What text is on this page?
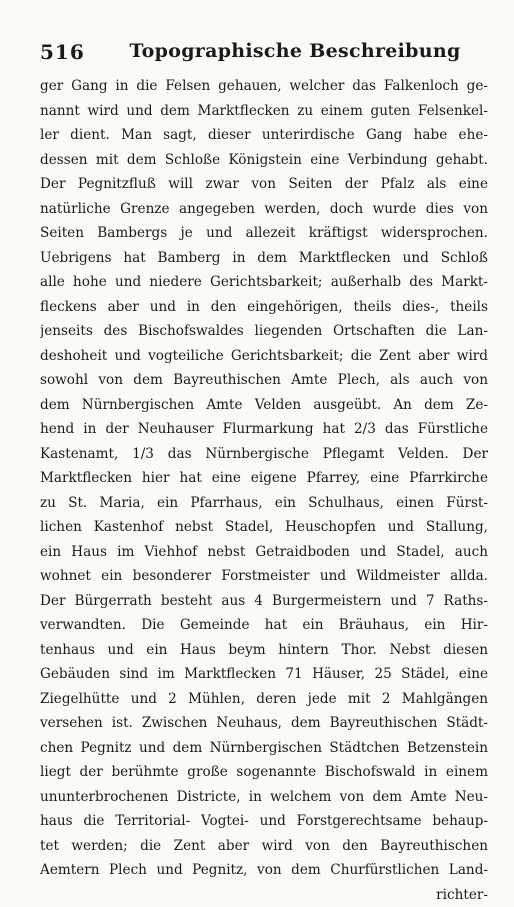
516	Topographische Beschreibung
ger Gang in die Felsen gehauen, welcher das Falkenloch ge-
nannt wird und dem Marktflecken zu einem guten Felsenkel-
ler dient. Man sagt, dieser unterirdische Gang habe ehe-
dessen mit dem Schloße Königstein eine Verbindung gehabt.
Der Pegnitzfluß will zwar von Seiten der Pfalz als eine
natürliche Grenze angegeben werden, doch wurde dies von
Seiten Bambergs je und allezeit kräftigst widersprochen.
Uebrigens hat Bamberg in dem Marktflecken und Schloß
alle hohe und niedere Gerichtsbarkeit; außerhalb des Markt-
fleckens aber und in den eingehörigen, theils dies-, theils
jenseits des Bischofswaldes liegenden Ortschaften die Lan-
deshoheit und vogteiliche Gerichtsbarkeit; die Zent aber wird
sowohl von dem Bayreuthischen Amte Plech, als auch von
dem Nürnbergischen Amte Velden ausgeübt. An dem Ze-
hend in der Neuhauser Flurmarkung hat 2/3 das Fürstliche
Kastenamt, 1/3 das Nürnbergische Pflegamt Velden. Der
Marktflecken hier hat eine eigene Pfarrey, eine Pfarrkirche
zu St. Maria, ein Pfarrhaus, ein Schulhaus, einen Fürst-
lichen Kastenhof nebst Stadel, Heuschopfen und Stallung,
ein Haus im Viehhof nebst Getraidboden und Stadel, auch
wohnet ein besonderer Forstmeister und Wildmeister allda.
Der Bürgerrath besteht aus 4 Burgermeistern und 7 Raths-
verwandten. Die Gemeinde hat ein Bräuhaus, ein Hir-
tenhaus und ein Haus beym hintern Thor. Nebst diesen
Gebäuden sind im Marktflecken 71 Häuser, 25 Städel, eine
Ziegelhütte und 2 Mühlen, deren jede mit 2 Mahlgängen
versehen ist. Zwischen Neuhaus, dem Bayreuthischen Städt-
chen Pegnitz und dem Nürnbergischen Städtchen Betzenstein
liegt der berühmte große sogenannte Bischofswald in einem
ununterbrochenen Districte, in welchem von dem Amte Neu-
haus die Territorial- Vogtei- und Forstgerechtsame behaup-
tet werden; die Zent aber wird von den Bayreuthischen
Aemtern Plech und Pegnitz, von dem Churfürstlichen Land-
richter-
